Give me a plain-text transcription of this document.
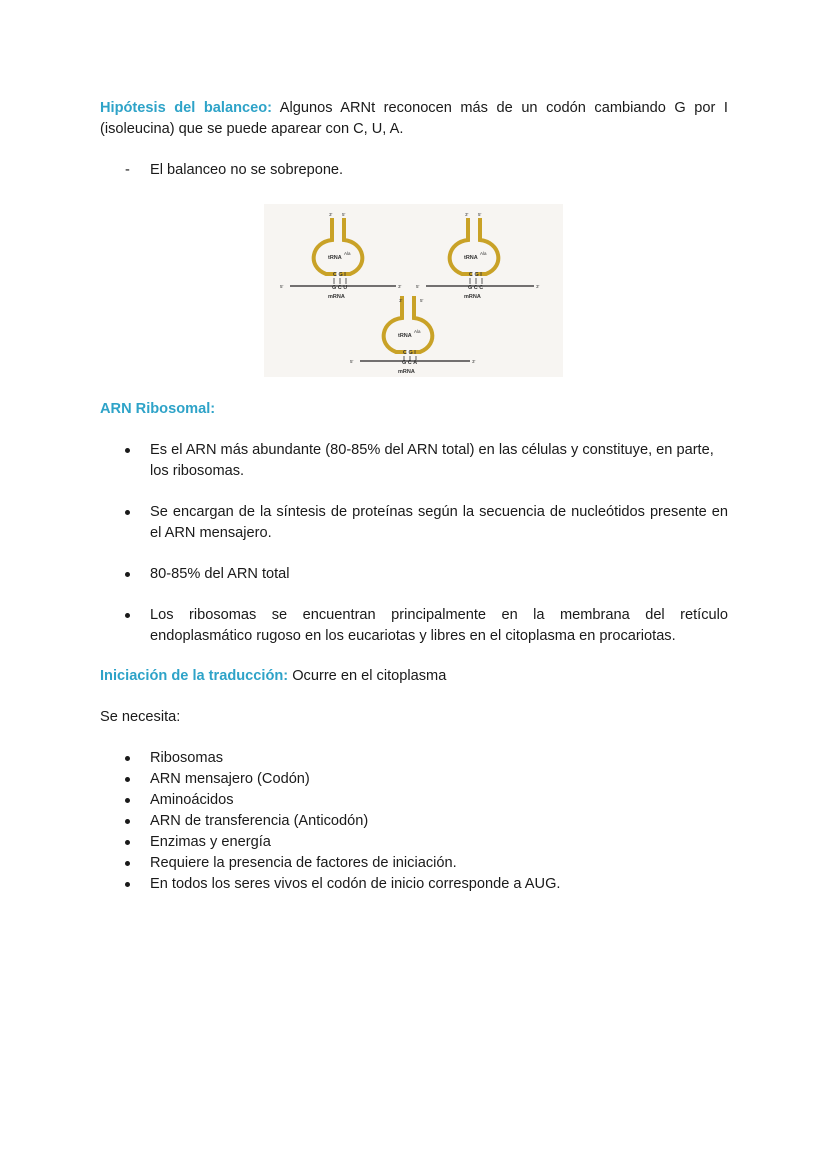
Hipótesis del balanceo: Algunos ARNt reconocen más de un codón cambiando G por I (isoleucina) que se puede aparear con C, U, A.
- El balanceo no se sobrepone.
3' 5'
tRNA
Ala
C G I
5'	3'
G C U
mRNA
3' 5'
tRNA
Ala
C G I
5'	3'
G C C
mRNA
3'	5'
tRNA
Ala
C G I
5'	3'
G C A
mRNA
ARN Ribosomal:
Es el ARN más abundante (80-85% del ARN total) en las células y constituye, en parte, los ribosomas.
Se encargan de la síntesis de proteínas según la secuencia de nucleótidos presente en el ARN mensajero.
80-85% del ARN total
Los ribosomas se encuentran principalmente en la membrana del retículo endoplasmático rugoso en los eucariotas y libres en el citoplasma en procariotas.
Iniciación de la traducción: Ocurre en el citoplasma
Se necesita:
Ribosomas
ARN mensajero (Codón)
Aminoácidos
ARN de transferencia (Anticodón)
Enzimas y energía
Requiere la presencia de factores de iniciación.
En todos los seres vivos el codón de inicio corresponde a AUG.
